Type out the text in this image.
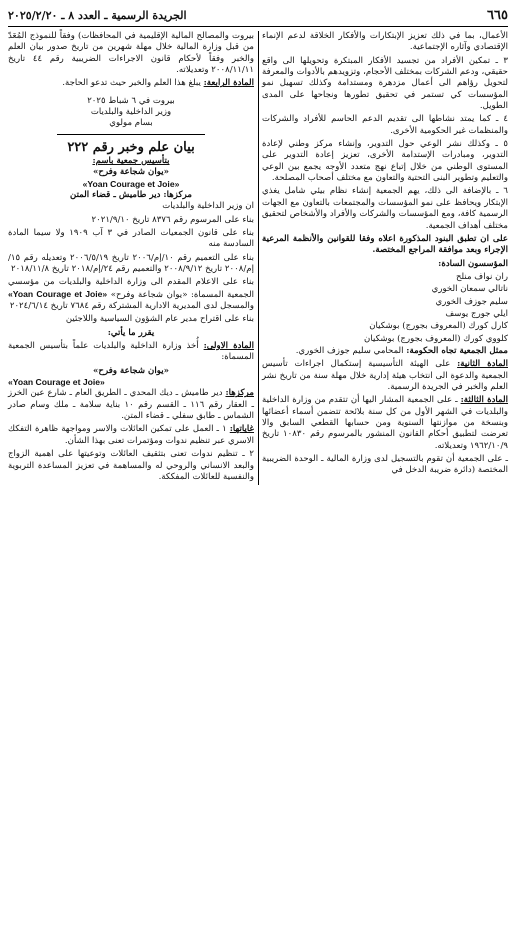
٦٦٥
الجريدة الرسمية ـ العدد ٨ ـ ٢٠٢٥/٢/٢٠

الأعمال، بما في ذلك تعزيز الإبتكارات والأفكار الخلاقة لدعم الإنماء الإقتصادي وآثاره الإجتماعية.

٣ ـ تمكين الأفراد من تجسيد الأفكار المبتكرة وتحويلها الى واقع حقيقي، ودعم الشركات بمختلف الأحجام، وتزويدهم بالأدوات والمعرفة لتحويل رؤاهم الى أعمال مزدهرة ومستدامة وكذلك تسهيل نمو المؤسسات كي تستمر في تحقيق تطورها ونجاحها على المدى الطويل.

٤ ـ كما يمتد نشاطها الى تقديم الدعم الحاسم للأفراد والشركات والمنظمات غير الحكومية الأخرى.

٥ ـ وكذلك نشر الوعي حول التدوير، وإنشاء مركز وطني لإعادة التدوير، ومبادرات الإستدامة الأخرى، تعزيز إعادة التدوير على المستوى الوطني من خلال إتباع نهج متعدد الأوجه يجمع بين الوعي والتعليم وتطوير البنى التحتية والتعاون مع مختلف أصحاب المصلحة.

٦ ـ بالإضافة الى ذلك، يهم الجمعية إنشاء نظام بيئي شامل يغذي الإبتكار ويحافظ على نمو المؤسسات والمجتمعات بالتعاون مع الجهات الرسمية كافة، ومع المؤسسات والشركات والأفراد والأشخاص لتحقيق مختلف أهداف الجمعية.

على ان تطبق البنود المذكورة اعلاه وفقا للقوانين والأنظمة المرعية الإجراء وبعد موافقة المراجع المختصة.

المؤسسون السادة:

ران نواف منلح

ناتالي سمعان الخوري

سليم جوزف الخوري

ايلي جورج يوسف

كارل كورك (المعروف بجورج) بوشكيان

كلووي كورك (المعروف بجورج) بوشكيان

ممثل الجمعية تجاه الحكومة: المحامي سليم جوزف الخوري.

المادة الثانية: على الهيئة التأسيسية إستكمال اجراءات تأسيس الجمعية والدعوة الى انتخاب هيئة إدارية خلال مهلة سنة من تاريخ نشر العلم والخبر في الجريدة الرسمية.

المادة الثالثة: ـ على الجمعية المشار اليها أن تتقدم من وزارة الداخلية والبلديات في الشهر الأول من كل سنة بلائحة تتضمن أسماء أعضائها وبنسخة من موازنتها السنوية ومن حسابها القطعي السابق والا تعرضت لتطبيق أحكام القانون المنشور بالمرسوم رقم ١٠٨٣٠ تاريخ ١٩٦٢/١٠/٩ وتعديلاته.

ـ على الجمعية أن تقوم بالتسجيل لدى وزارة المالية ـ الوحدة الضريبية المختصة (دائرة ضريبة الدخل في

بيروت والمصالح المالية الإقليمية في المحافظات) وفقاً للنموذج المُعَدّ من قبل وزارة المالية خلال مهلة شهرين من تاريخ صدور بيان العلم والخبر وفقاً لأحكام قانون الاجراءات الضريبية رقم ٤٤ تاريخ ٢٠٠٨/١١/١١ وتعديلاته.

المادة الرابعة: يبلغ هذا العلم والخبر حيث تدعو الحاجة.

بيروت في ٦ شباط ٢٠٢٥
وزير الداخلية والبلديات
بسام مولوي
بيان علم وخبر رقم ٢٢٢
بتأسيس جمعية باسم:
«يوان شجاعة وفرح»
«Yoan Courage et Joie»
مركزها: دير طاميش ـ قضاء المتن

ان وزير الداخلية والبلديات

بناء على المرسوم رقم ٨٣٧٦ تاريخ ٢٠٢١/٩/١٠

بناء على قانون الجمعيات الصادر في ٣ آب ١٩٠٩ ولا سيما المادة السادسة منه

بناء على التعميم رقم ١٠/إم/٢٠٠٦ تاريخ ٢٠٠٦/٥/١٩ وتعديله رقم ١٥/إم/٢٠٠٨ تاريخ ٢٠٠٨/٩/١٢ والتعميم رقم ٢٤/إم/٢٠١٨ تاريخ ٢٠١٨/١١/٨

بناء على الاعلام المقدم الى وزارة الداخلية والبلديات من مؤسسي الجمعية المسماة: «يوان شجاعة وفرح» «Yoan Courage et Joie» والمسجل لدى المديرية الادارية المشتركة رقم ٧٦٨٤ تاريخ ٢٠٢٤/٦/١٤

بناء على اقتراح مدير عام الشؤون السياسية واللاجئين

يقرر ما يأتي:

المادة الاولى: أُخذ وزارة الداخلية والبلديات علماً بتأسيس الجمعية المسماة:

«يوان شجاعة وفرح»
«Yoan Courage et Joie»

مركزها: دير طاميش ـ ديك المحدي ـ الطريق العام ـ شارع عين الخرز ـ العقار رقم ١١٦ ـ القسم رقم ١٠ بناية سلامة ـ ملك وسام صادر الشماس ـ طابق سفلي ـ قضاء المتن.

غاياتها: ١ ـ العمل على تمكين العائلات والاسر ومواجهة ظاهرة التفكك الاسري عبر تنظيم ندوات ومؤتمرات تعنى بهذا الشأن.

٢ ـ تنظيم ندوات تعنى بتثقيف العائلات وتوعيتها على اهمية الزواج والبعد الانساني والروحي له والمساهمة في تعزيز المساعدة التربوية والنفسية للعائلات المفككة.
